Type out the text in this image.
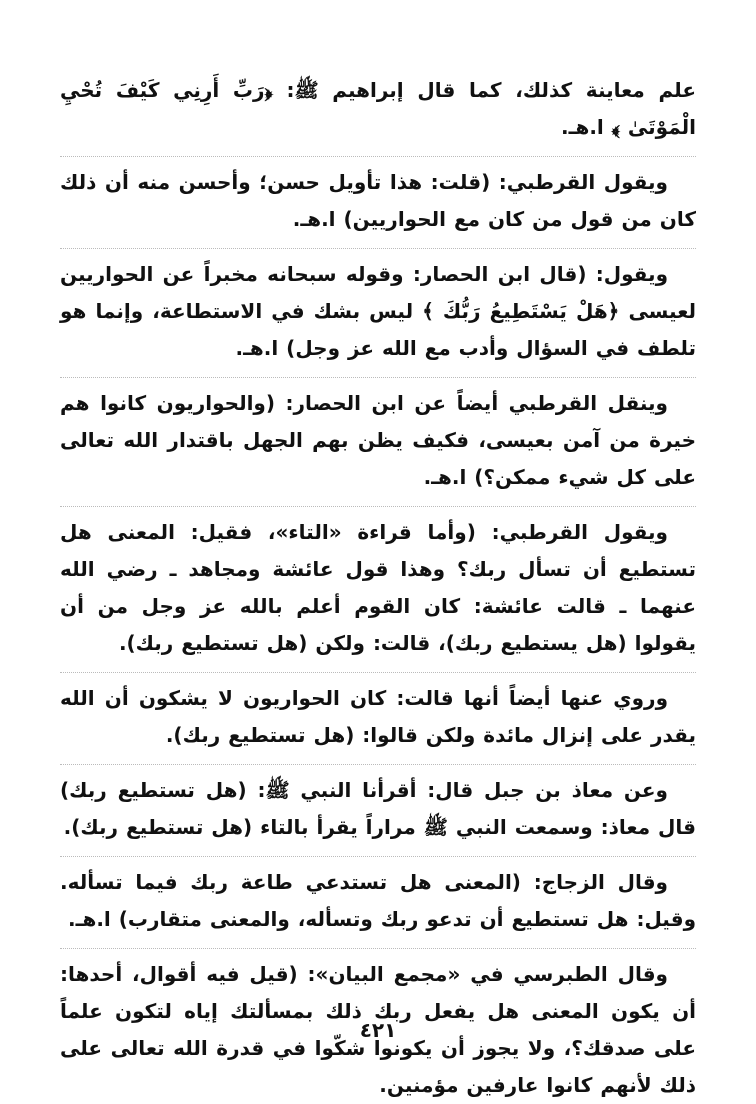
علم معاينة كذلك، كما قال إبراهيم ﷺ: ﴿رَبِّ أَرِنِي كَيْفَ تُحْيِ الْمَوْتَىٰ ﴾ ا.هـ.

ويقول القرطبي: (قلت: هذا تأويل حسن؛ وأحسن منه أن ذلك كان من قول من كان مع الحواريين) ا.هـ.

ويقول: (قال ابن الحصار: وقوله سبحانه مخبراً عن الحواريين لعيسى ﴿هَلْ يَسْتَطِيعُ رَبُّكَ ﴾ ليس بشك في الاستطاعة، وإنما هو تلطف في السؤال وأدب مع الله عز وجل) ا.هـ.

وينقل القرطبي أيضاً عن ابن الحصار: (والحواريون كانوا هم خيرة من آمن بعيسى، فكيف يظن بهم الجهل باقتدار الله تعالى على كل شيء ممكن؟) ا.هـ.

ويقول القرطبي: (وأما قراءة «التاء»، فقيل: المعنى هل تستطيع أن تسأل ربك؟ وهذا قول عائشة ومجاهد ـ رضي الله عنهما ـ قالت عائشة: كان القوم أعلم بالله عز وجل من أن يقولوا (هل يستطيع ربك)، قالت: ولكن (هل تستطيع ربك).

وروي عنها أيضاً أنها قالت: كان الحواريون لا يشكون أن الله يقدر على إنزال مائدة ولكن قالوا: (هل تستطيع ربك).

وعن معاذ بن جبل قال: أقرأنا النبي ﷺ: (هل تستطيع ربك) قال معاذ: وسمعت النبي ﷺ مراراً يقرأ بالتاء (هل تستطيع ربك).

وقال الزجاج: (المعنى هل تستدعي طاعة ربك فيما تسأله. وقيل: هل تستطيع أن تدعو ربك وتسأله، والمعنى متقارب) ا.هـ.

وقال الطبرسي في «مجمع البيان»: (قيل فيه أقوال، أحدها: أن يكون المعنى هل يفعل ربك ذلك بمسألتك إياه لتكون علماً على صدقك؟، ولا يجوز أن يكونوا شكّوا في قدرة الله تعالى على ذلك لأنهم كانوا عارفين مؤمنين.

٤٢١
